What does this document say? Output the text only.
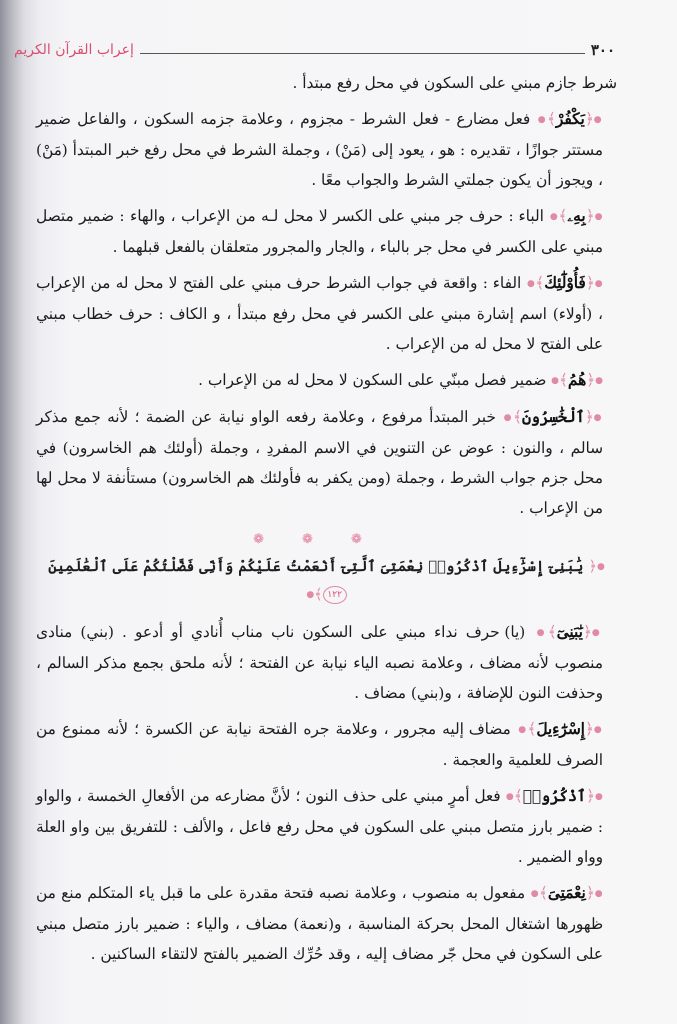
٣٠٠
إعراب القرآن الكريم

شرط جازم مبني على السكون في محل رفع مبتدأ .

●﴿يَكْفُرْ﴾● فعل مضارع - فعل الشرط - مجزوم ، وعلامة جزمه السكون ، والفاعل ضمير مستتر جوازًا ، تقديره : هو ، يعود إلى (مَنْ) ، وجملة الشرط في محل رفع خبر المبتدأ (مَنْ) ، ويجوز أن يكون جملتي الشرط والجواب معًا .

●﴿بِهِۦ﴾● الباء : حرف جر مبني على الكسر لا محل لـه من الإعراب ، والهاء : ضمير متصل مبني على الكسر في محل جر بالباء ، والجار والمجرور متعلقان بالفعل قبلهما .

●﴿فَأُوْلَٰٓئِكَ﴾● الفاء : واقعة في جواب الشرط حرف مبني على الفتح لا محل له من الإعراب ، (أولاء) اسم إشارة مبني على الكسر في محل رفع مبتدأ ، و الكاف : حرف خطاب مبني على الفتح لا محل له من الإعراب .

●﴿هُمُ﴾● ضمير فصل مبنّي على السكون لا محل له من الإعراب .

●﴿ٱلْخَٰسِرُونَ﴾● خبر المبتدأ مرفوع ، وعلامة رفعه الواو نيابة عن الضمة ؛ لأنه جمع مذكر سالم ، والنون : عوض عن التنوين في الاسم المفردِ ، وجملة (أولئك هم الخاسرون) في محل جزم جواب الشرط ، وجملة (ومن يكفر به فأولئك هم الخاسرون) مستأنفة لا محل لها من الإعراب .

❁❁❁
●﴿ يَٰبَنِىٓ إِسْرَٰٓءِيلَ ٱذْكُرُوا۟ نِعْمَتِىَ ٱلَّتِىٓ أَنْعَمْتُ عَلَيْكُمْ وَأَنِّى فَضَّلْتُكُمْ عَلَى ٱلْعَٰلَمِينَ ١٢٢﴾●

●﴿يَٰبَنِىٓ﴾● (يا) حرف نداء مبني على السكون ناب مناب أُنادي أو أدعو . (بني) منادى منصوب لأنه مضاف ، وعلامة نصبه الياء نيابة عن الفتحة ؛ لأنه ملحق بجمع مذكر السالم ، وحذفت النون للإضافة ، و(بني) مضاف .

●﴿إِسْرَٰٓءِيلَ﴾● مضاف إليه مجرور ، وعلامة جره الفتحة نيابة عن الكسرة ؛ لأنه ممنوع من الصرف للعلمية والعجمة .

●﴿ٱذْكُرُوا۟﴾● فعل أمرٍ مبني على حذف النون ؛ لأنَّ مضارعه من الأفعالِ الخمسة ، والواو : ضمير بارز متصل مبني على السكون في محل رفع فاعل ، والألف : للتفريق بين واو العلة وواو الضمير .

●﴿نِعْمَتِىَ﴾● مفعول به منصوب ، وعلامة نصبه فتحة مقدرة على ما قبل ياء المتكلم منع من ظهورها اشتغال المحل بحركة المناسبة ، و(نعمة) مضاف ، والياء : ضمير بارز متصل مبني على السكون في محل جّر مضاف إليه ، وقد حُرِّك الضمير بالفتح لالتقاء الساكنين .
